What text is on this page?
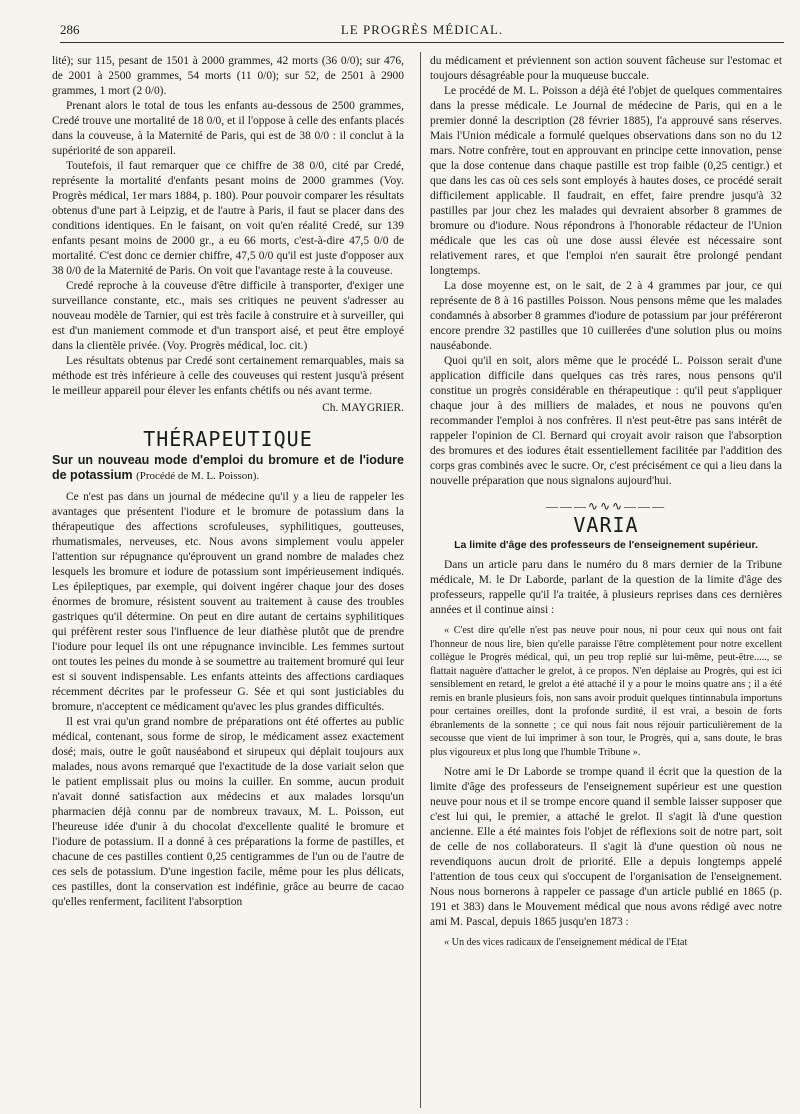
286	LE PROGRÈS MÉDICAL.

lité); sur 115, pesant de 1501 à 2000 grammes, 42 morts (36 0/0); sur 476, de 2001 à 2500 grammes, 54 morts (11 0/0); sur 52, de 2501 à 2900 grammes, 1 mort (2 0/0).

Prenant alors le total de tous les enfants au-dessous de 2500 grammes, Credé trouve une mortalité de 18 0/0, et il l'oppose à celle des enfants placés dans la couveuse, à la Maternité de Paris, qui est de 38 0/0 : il conclut à la supériorité de son appareil.

Toutefois, il faut remarquer que ce chiffre de 38 0/0, cité par Credé, représente la mortalité d'enfants pesant moins de 2000 grammes (Voy. Progrès médical, 1er mars 1884, p. 180). Pour pouvoir comparer les résultats obtenus d'une part à Leipzig, et de l'autre à Paris, il faut se placer dans des conditions identiques. En le faisant, on voit qu'en réalité Credé, sur 139 enfants pesant moins de 2000 gr., a eu 66 morts, c'est-à-dire 47,5 0/0 de mortalité. C'est donc ce dernier chiffre, 47,5 0/0 qu'il est juste d'opposer aux 38 0/0 de la Maternité de Paris. On voit que l'avantage reste à la couveuse.

Credé reproche à la couveuse d'être difficile à transporter, d'exiger une surveillance constante, etc., mais ses critiques ne peuvent s'adresser au nouveau modèle de Tarnier, qui est très facile à construire et à surveiller, qui est d'un maniement commode et d'un transport aisé, et peut être employé dans la clientèle privée. (Voy. Progrès médical, loc. cit.)

Les résultats obtenus par Credé sont certainement remarquables, mais sa méthode est très inférieure à celle des couveuses qui restent jusqu'à présent le meilleur appareil pour élever les enfants chétifs ou nés avant terme.

Ch. MAYGRIER.

THÉRAPEUTIQUE
Sur un nouveau mode d'emploi du bromure et de l'iodure de potassium (Procédé de M. L. Poisson).

Ce n'est pas dans un journal de médecine qu'il y a lieu de rappeler les avantages que présentent l'iodure et le bromure de potassium dans la thérapeutique des affections scrofuleuses, syphilitiques, goutteuses, rhumatismales, nerveuses, etc. Nous avons simplement voulu appeler l'attention sur répugnance qu'éprouvent un grand nombre de malades chez lesquels les bromure et iodure de potassium sont impérieusement indiqués. Les épileptiques, par exemple, qui doivent ingérer chaque jour des doses énormes de bromure, résistent souvent au traitement à cause des troubles gastriques qu'il détermine. On peut en dire autant de certains syphilitiques qui préfèrent rester sous l'influence de leur diathèse plutôt que de prendre l'iodure pour lequel ils ont une répugnance invincible. Les femmes surtout ont toutes les peines du monde à se soumettre au traitement bromuré qui leur est si souvent indispensable. Les enfants atteints des affections cardiaques récemment décrites par le professeur G. Sée et qui sont justiciables du bromure, n'acceptent ce médicament qu'avec les plus grandes difficultés.

Il est vrai qu'un grand nombre de préparations ont été offertes au public médical, contenant, sous forme de sirop, le médicament assez exactement dosé; mais, outre le goût nauséabond et sirupeux qui déplait toujours aux malades, nous avons remarqué que l'exactitude de la dose variait selon que le patient emplissait plus ou moins la cuiller. En somme, aucun produit n'avait donné satisfaction aux médecins et aux malades lorsqu'un pharmacien déjà connu par de nombreux travaux, M. L. Poisson, eut l'heureuse idée d'unir à du chocolat d'excellente qualité le bromure et l'iodure de potassium. Il a donné à ces préparations la forme de pastilles, et chacune de ces pastilles contient 0,25 centigrammes de l'un ou de l'autre de ces sels de potassium. D'une ingestion facile, même pour les plus délicats, ces pastilles, dont la conservation est indéfinie, grâce au beurre de cacao qu'elles renferment, facilitent l'absorption

du médicament et préviennent son action souvent fâcheuse sur l'estomac et toujours désagréable pour la muqueuse buccale.

Le procédé de M. L. Poisson a déjà été l'objet de quelques commentaires dans la presse médicale. Le Journal de médecine de Paris, qui en a le premier donné la description (28 février 1885), l'a approuvé sans réserves. Mais l'Union médicale a formulé quelques observations dans son no du 12 mars. Notre confrère, tout en approuvant en principe cette innovation, pense que la dose contenue dans chaque pastille est trop faible (0,25 centigr.) et que dans les cas où ces sels sont employés à hautes doses, ce procédé serait difficilement applicable. Il faudrait, en effet, faire prendre jusqu'à 32 pastilles par jour chez les malades qui devraient absorber 8 grammes de bromure ou d'iodure. Nous répondrons à l'honorable rédacteur de l'Union médicale que les cas où une dose aussi élevée est nécessaire sont relativement rares, et que l'emploi n'en saurait être prolongé pendant longtemps.

La dose moyenne est, on le sait, de 2 à 4 grammes par jour, ce qui représente de 8 à 16 pastilles Poisson. Nous pensons même que les malades condamnés à absorber 8 grammes d'iodure de potassium par jour préféreront encore prendre 32 pastilles que 10 cuillerées d'une solution plus ou moins nauséabonde.

Quoi qu'il en soit, alors même que le procédé L. Poisson serait d'une application difficile dans quelques cas très rares, nous pensons qu'il constitue un progrès considérable en thérapeutique : qu'il peut s'appliquer chaque jour à des milliers de malades, et nous ne pouvons qu'en recommander l'emploi à nos confrères. Il n'est peut-être pas sans intérêt de rappeler l'opinion de Cl. Bernard qui croyait avoir raison que l'absorption des bromures et des iodures était essentiellement facilitée par l'addition des corps gras combinés avec le sucre. Or, c'est précisément ce qui a lieu dans la nouvelle préparation que nous signalons aujourd'hui.

———∿∿∿———
VARIA
La limite d'âge des professeurs de l'enseignement supérieur.

Dans un article paru dans le numéro du 8 mars dernier de la Tribune médicale, M. le Dr Laborde, parlant de la question de la limite d'âge des professeurs, rappelle qu'il l'a traitée, à plusieurs reprises dans ces dernières années et il continue ainsi :

« C'est dire qu'elle n'est pas neuve pour nous, ni pour ceux qui nous ont fait l'honneur de nous lire, bien qu'elle paraisse l'être complètement pour notre excellent collègue le Progrès médical, qui, un peu trop replié sur lui-même, peut-être....., se flattait naguère d'attacher le grelot, à ce propos. N'en déplaise au Progrès, qui est ici sensiblement en retard, le grelot a été attaché il y a pour le moins quatre ans ; il a été remis en branle plusieurs fois, non sans avoir produit quelques tintinnabula importuns pour certaines oreilles, dont la profonde surdité, il est vrai, a besoin de forts ébranlements de la sonnette ; ce qui nous fait nous réjouir particulièrement de la secousse que vient de lui imprimer à son tour, le Progrès, qui a, sans doute, le bras plus vigoureux et plus long que l'humble Tribune ».

Notre ami le Dr Laborde se trompe quand il écrit que la question de la limite d'âge des professeurs de l'enseignement supérieur est une question neuve pour nous et il se trompe encore quand il semble laisser supposer que c'est lui qui, le premier, a attaché le grelot. Il s'agit là d'une question ancienne. Elle a été maintes fois l'objet de réflexions soit de notre part, soit de celle de nos collaborateurs. Il s'agit là d'une question où nous ne revendiquons aucun droit de priorité. Elle a depuis longtemps appelé l'attention de tous ceux qui s'occupent de l'organisation de l'enseignement. Nous nous bornerons à rappeler ce passage d'un article publié en 1865 (p. 191 et 383) dans le Mouvement médical que nous avons rédigé avec notre ami M. Pascal, depuis 1865 jusqu'en 1873 :

« Un des vices radicaux de l'enseignement médical de l'Etat
